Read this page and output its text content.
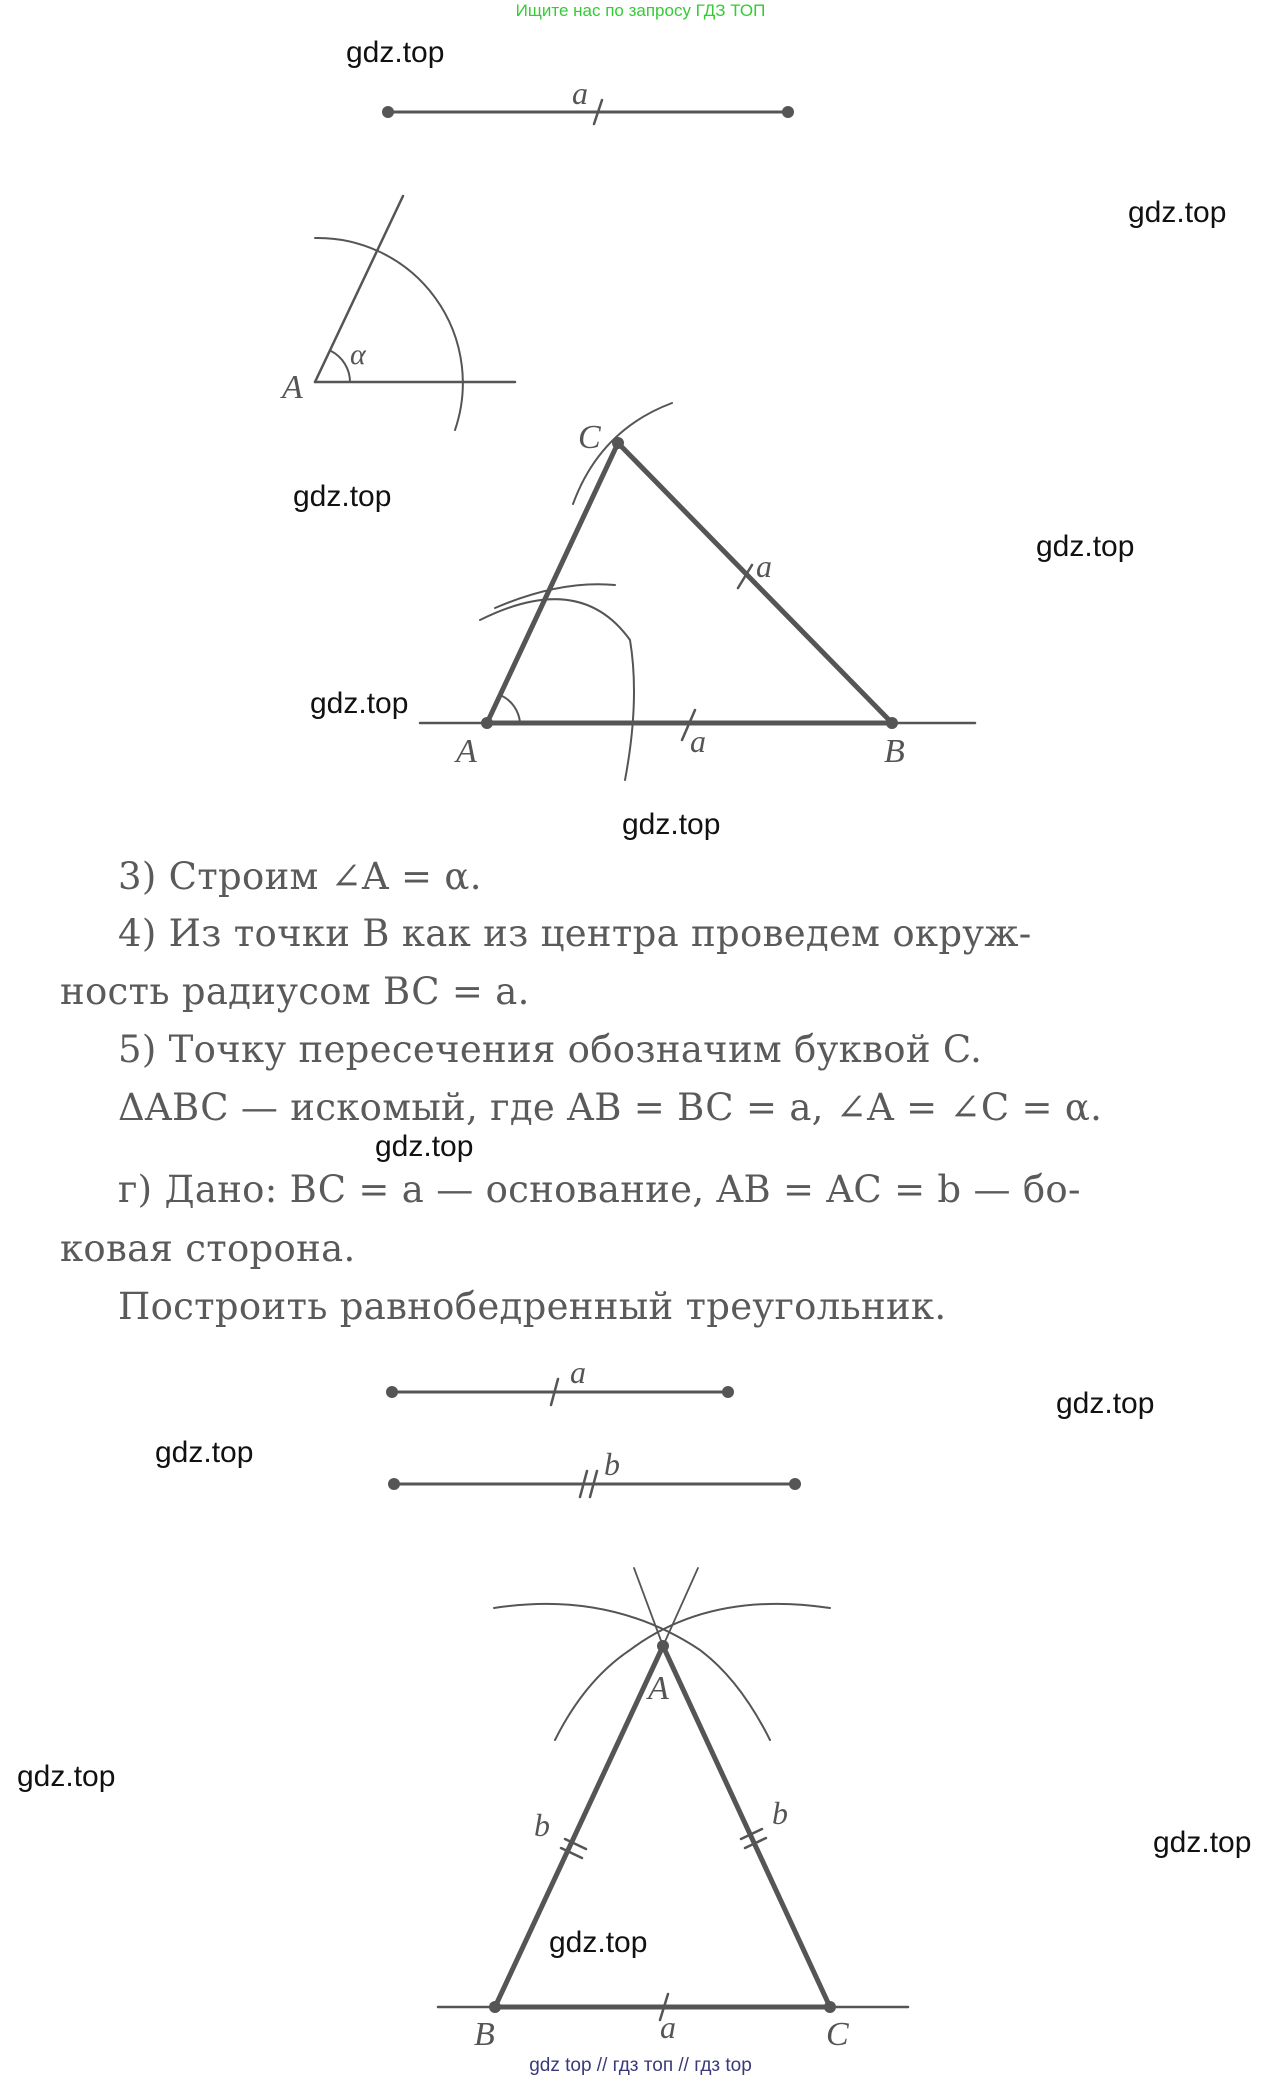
Ищите нас по запросу ГДЗ ТОП
a
A
α
C
A	B
a
a
a
b
A
B	C
b	b
a
gdz.top
gdz.top
gdz.top
gdz.top
gdz.top
gdz.top
gdz.top
gdz.top
gdz.top
gdz.top
gdz.top
gdz.top
3) Строим ∠A = α.
4) Из точки B как из центра проведем окруж-
ность радиусом BC = a.
5) Точку пересечения обозначим буквой C.
ΔABC — искомый, где AB = BC = a, ∠A = ∠C = α.
г) Дано: BC = a — основание, AB = AC = b — бо-
ковая сторона.
Построить равнобедренный треугольник.
gdz top // гдз топ // гдз top
